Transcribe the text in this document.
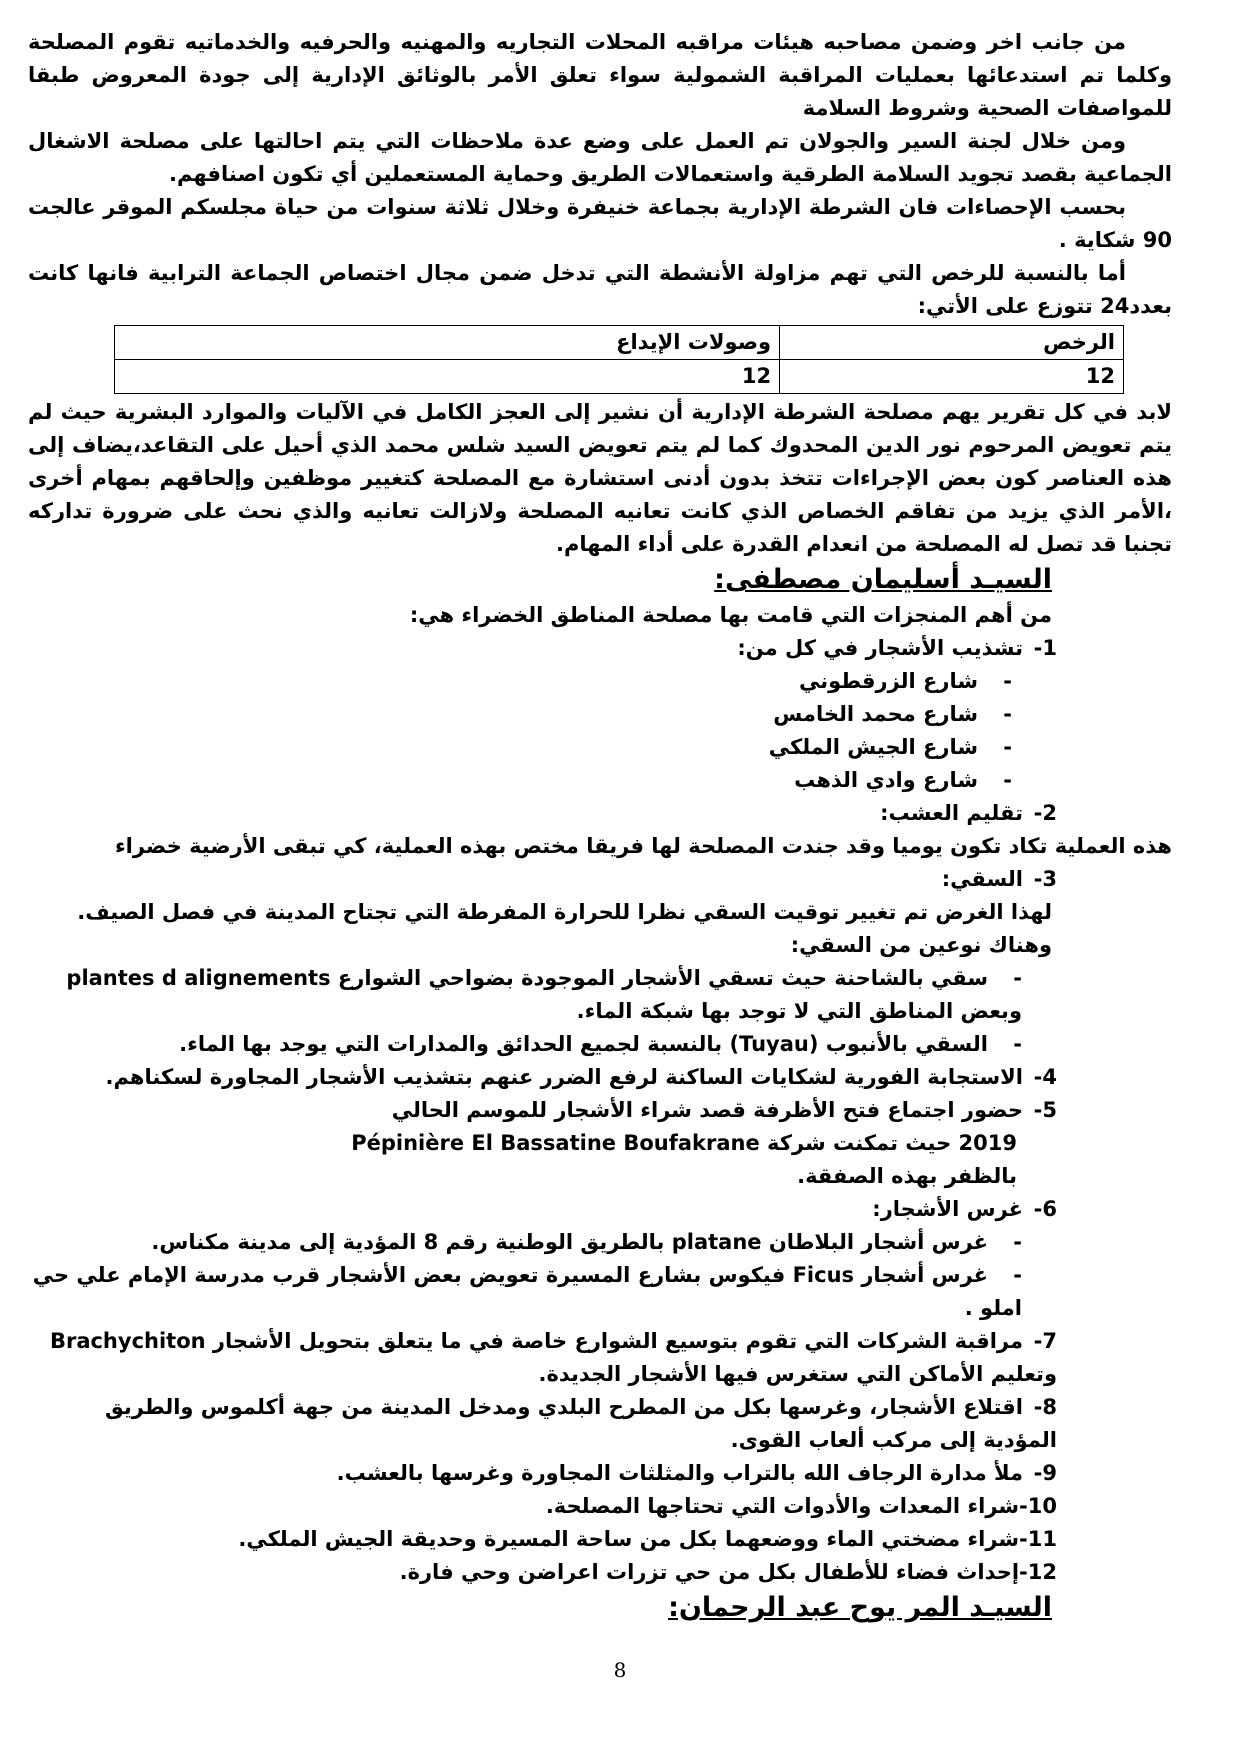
من جانب اخر وضمن مصاحبه هيئات مراقبه المحلات التجاريه والمهنيه والحرفيه والخدماتيه تقوم المصلحة وكلما تم استدعائها بعمليات المراقبة الشمولية سواء تعلق الأمر بالوثائق الإدارية إلى جودة المعروض طبقا للمواصفات الصحية وشروط السلامة

ومن خلال لجنة السير والجولان تم العمل على وضع عدة ملاحظات التي يتم احالتها على مصلحة الاشغال الجماعية بقصد تجويد السلامة الطرقية واستعمالات الطريق وحماية المستعملين أي تكون اصنافهم.

بحسب الإحصاءات فان الشرطة الإدارية بجماعة خنيفرة وخلال ثلاثة سنوات من حياة مجلسكم الموقر عالجت 90 شكاية .

أما بالنسبة للرخص التي تهم مزاولة الأنشطة التي تدخل ضمن مجال اختصاص الجماعة الترابية فانها كانت بعدد24 تتوزع على الأتي:

الرخص	وصولات الإيداع
12	12

لابد في كل تقرير يهم مصلحة الشرطة الإدارية أن نشير إلى العجز الكامل في الآليات والموارد البشرية حيث لم يتم تعويض المرحوم نور الدين المحدوك كما لم يتم تعويض السيد شلس محمد الذي أحيل على التقاعد،يضاف إلى هذه العناصر كون بعض الإجراءات تتخذ بدون أدنى استشارة مع المصلحة كتغيير موظفين وإلحاقهم بمهام أخرى ،الأمر الذي يزيد من تفاقم الخصاص الذي كانت تعانيه المصلحة ولازالت تعانيه والذي نحث على ضرورة تداركه تجنبا قد تصل له المصلحة من انعدام القدرة على أداء المهام.

السيـد أسليمان مصطفى:

من أهم المنجزات التي قامت بها مصلحة المناطق الخضراء هي:

1-تشذيب الأشجار في كل من:

-شارع الزرقطوني

-شارع محمد الخامس

-شارع الجيش الملكي

-شارع وادي الذهب

2-تقليم العشب:

هذه العملية تكاد تكون يوميا وقد جندت المصلحة لها فريقا مختص بهذه العملية، كي تبقى الأرضية خضراء

3-السقي:

لهذا الغرض تم تغيير توقيت السقي نظرا للحرارة المفرطة التي تجتاح المدينة في فصل الصيف.

وهناك نوعين من السقي:

-سقي بالشاحنة حيث تسقي الأشجار الموجودة بضواحي الشوارع plantes d alignements وبعض المناطق التي لا توجد بها شبكة الماء.

-السقي بالأنبوب (Tuyau) بالنسبة لجميع الحدائق والمدارات التي يوجد بها الماء.

4-الاستجابة الفورية لشكايات الساكنة لرفع الضرر عنهم بتشذيب الأشجار المجاورة لسكناهم.

5-حضور اجتماع فتح الأظرفة قصد شراء الأشجار للموسم الحالي

2019 حيث تمكنت شركة Pépinière El Bassatine Boufakrane

بالظفر بهذه الصفقة.

6-غرس الأشجار:

-غرس أشجار البلاطان platane بالطريق الوطنية رقم 8 المؤدية إلى مدينة مكناس.

-غرس أشجار Ficus فيكوس بشارع المسيرة تعويض بعض الأشجار قرب مدرسة الإمام علي حي املو .

7-مراقبة الشركات التي تقوم بتوسيع الشوارع خاصة في ما يتعلق بتحويل الأشجار Brachychiton وتعليم الأماكن التي ستغرس فيها الأشجار الجديدة.

8-اقتلاع الأشجار، وغرسها بكل من المطرح البلدي ومدخل المدينة من جهة أكلموس والطريق المؤدية إلى مركب ألعاب القوى.

9-ملأ مدارة الرجاف الله بالتراب والمثلثات المجاورة وغرسها بالعشب.

10-شراء المعدات والأدوات التي تحتاجها المصلحة.

11-شراء مضختي الماء ووضعهما بكل من ساحة المسيرة وحديقة الجيش الملكي.

12-إحداث فضاء للأطفال بكل من حي تزرات اعراضن وحي فارة.

السيـد المر يوح عبد الرحمان:

8
